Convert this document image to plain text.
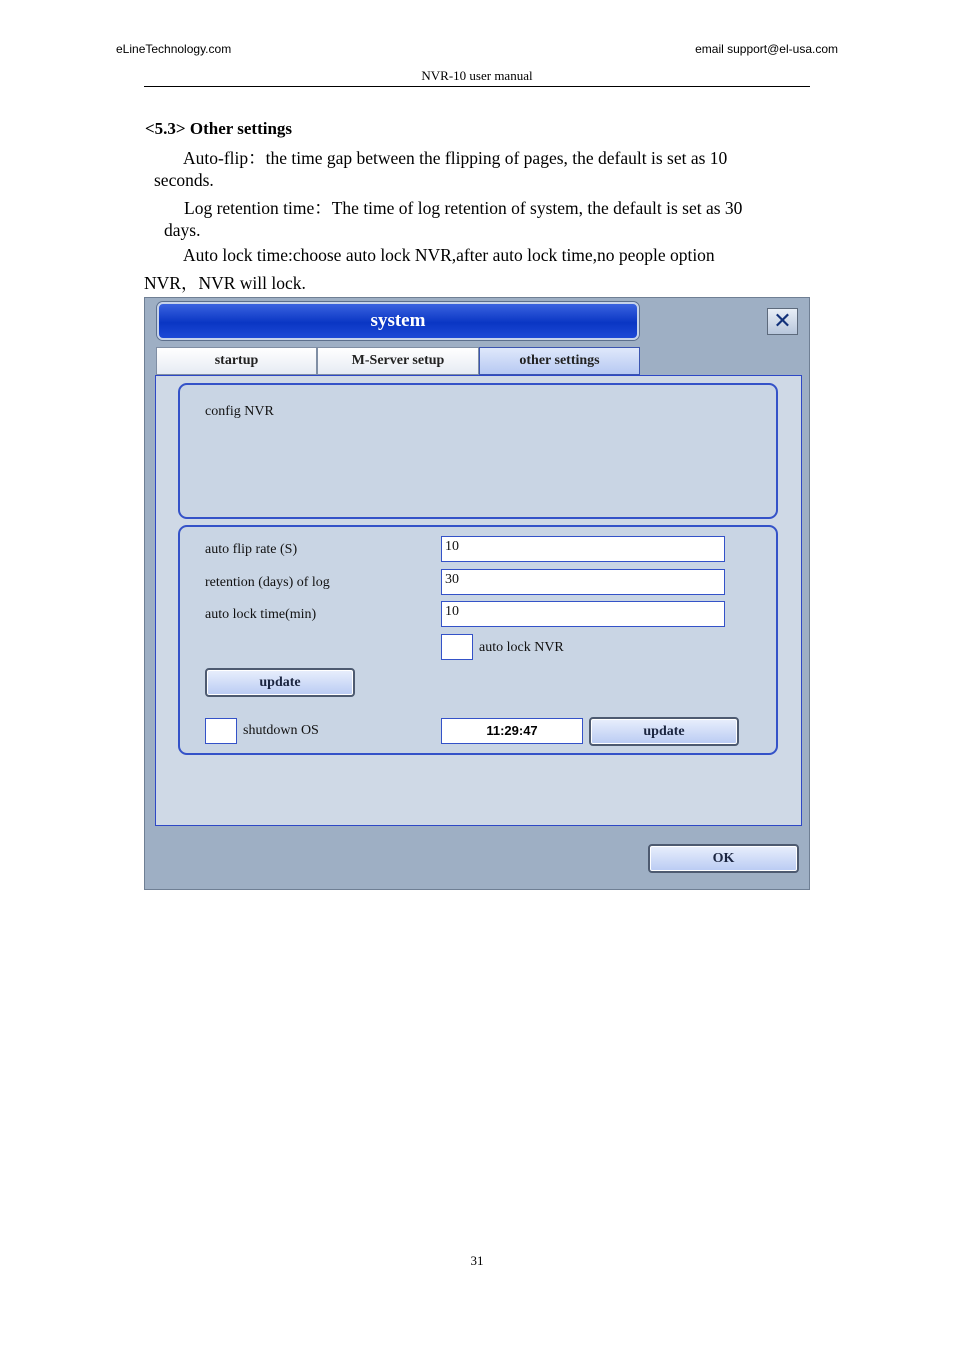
eLineTechnology.com	email support@el-usa.com
NVR-10 user manual
<5.3> Other settings
Auto-flip：the time gap between the flipping of pages, the default is set as 10
seconds.
Log retention time：The time of log retention of system, the default is set as 30
days.
Auto lock time:choose auto lock NVR,after auto lock time,no people option
NVR，NVR will lock.
system	✕
startup	M-Server setup	other settings
config NVR
auto flip rate (S)	10
retention (days) of log	30
auto lock time(min)	10
auto lock NVR
update
shutdown OS	11:29:47	update
OK
31
